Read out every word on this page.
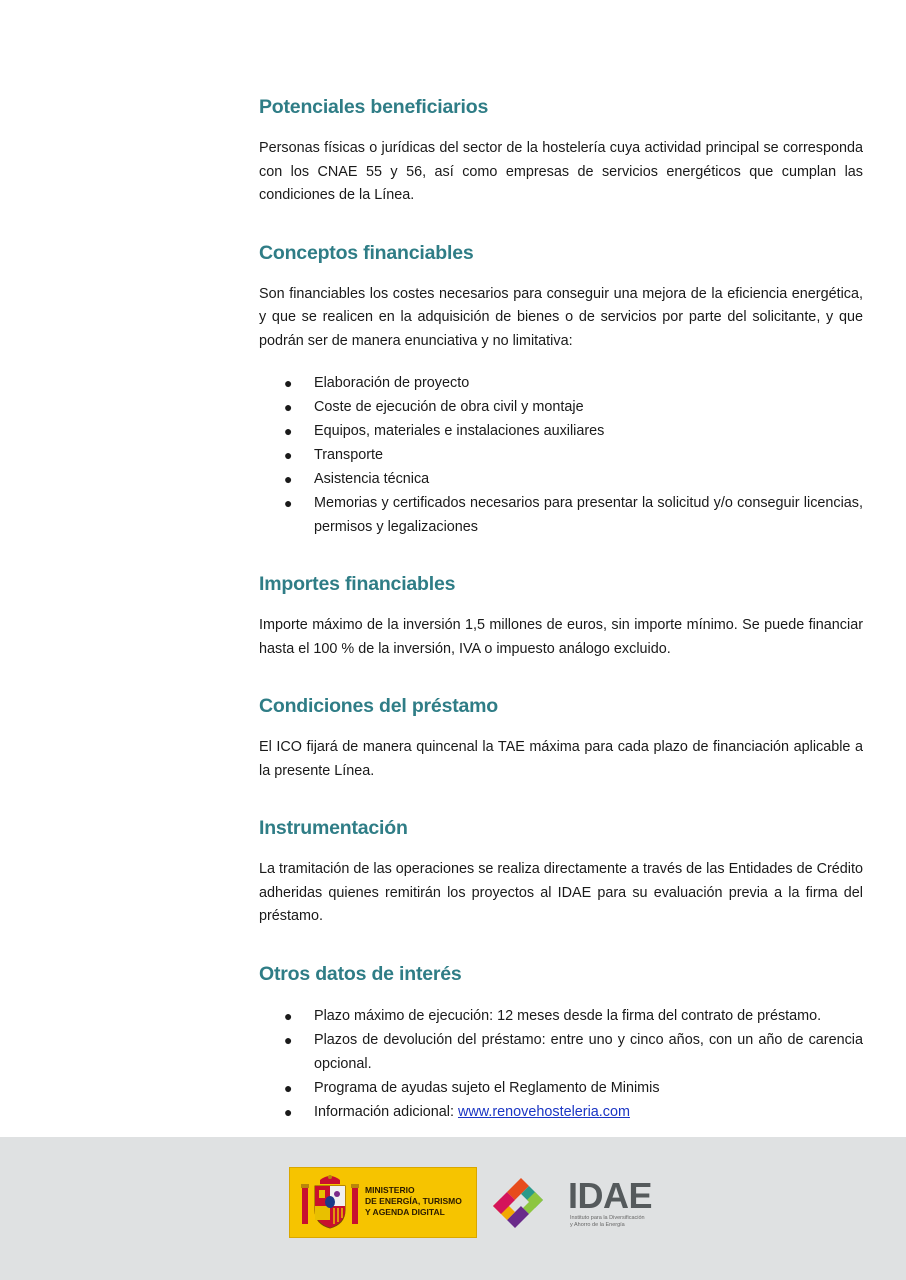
Potenciales beneficiarios

Personas físicas o jurídicas del sector de la hostelería cuya actividad principal se corresponda con los CNAE 55 y 56, así como empresas de servicios energéticos que cumplan las condiciones de la Línea.

Conceptos financiables

Son financiables los costes necesarios para conseguir una mejora de la eficiencia energética, y que se realicen en la adquisición de bienes o de servicios por parte del solicitante, y que podrán ser de manera enunciativa y no limitativa:

● Elaboración de proyecto
● Coste de ejecución de obra civil y montaje
● Equipos, materiales e instalaciones auxiliares
● Transporte
● Asistencia técnica
● Memorias y certificados necesarios para presentar la solicitud y/o conseguir licencias, permisos y legalizaciones
Importes financiables

Importe máximo de la inversión 1,5 millones de euros, sin importe mínimo. Se puede financiar hasta el 100 % de la inversión, IVA o impuesto análogo excluido.

Condiciones del préstamo

El ICO fijará de manera quincenal la TAE máxima para cada plazo de financiación aplicable a la presente Línea.

Instrumentación

La tramitación de las operaciones se realiza directamente a través de las Entidades de Crédito adheridas quienes remitirán los proyectos al IDAE para su evaluación previa a la firma del préstamo.

Otros datos de interés
● Plazo máximo de ejecución: 12 meses desde la firma del contrato de préstamo.
● Plazos de devolución del préstamo: entre uno y cinco años, con un año de carencia opcional.
● Programa de ayudas sujeto el Reglamento de Minimis
● Información adicional: www.renovehosteleria.com
MINISTERIO
DE ENERGÍA, TURISMO
Y AGENDA DIGITAL	IDAE
Instituto para la Diversificación
y Ahorro de la Energía
